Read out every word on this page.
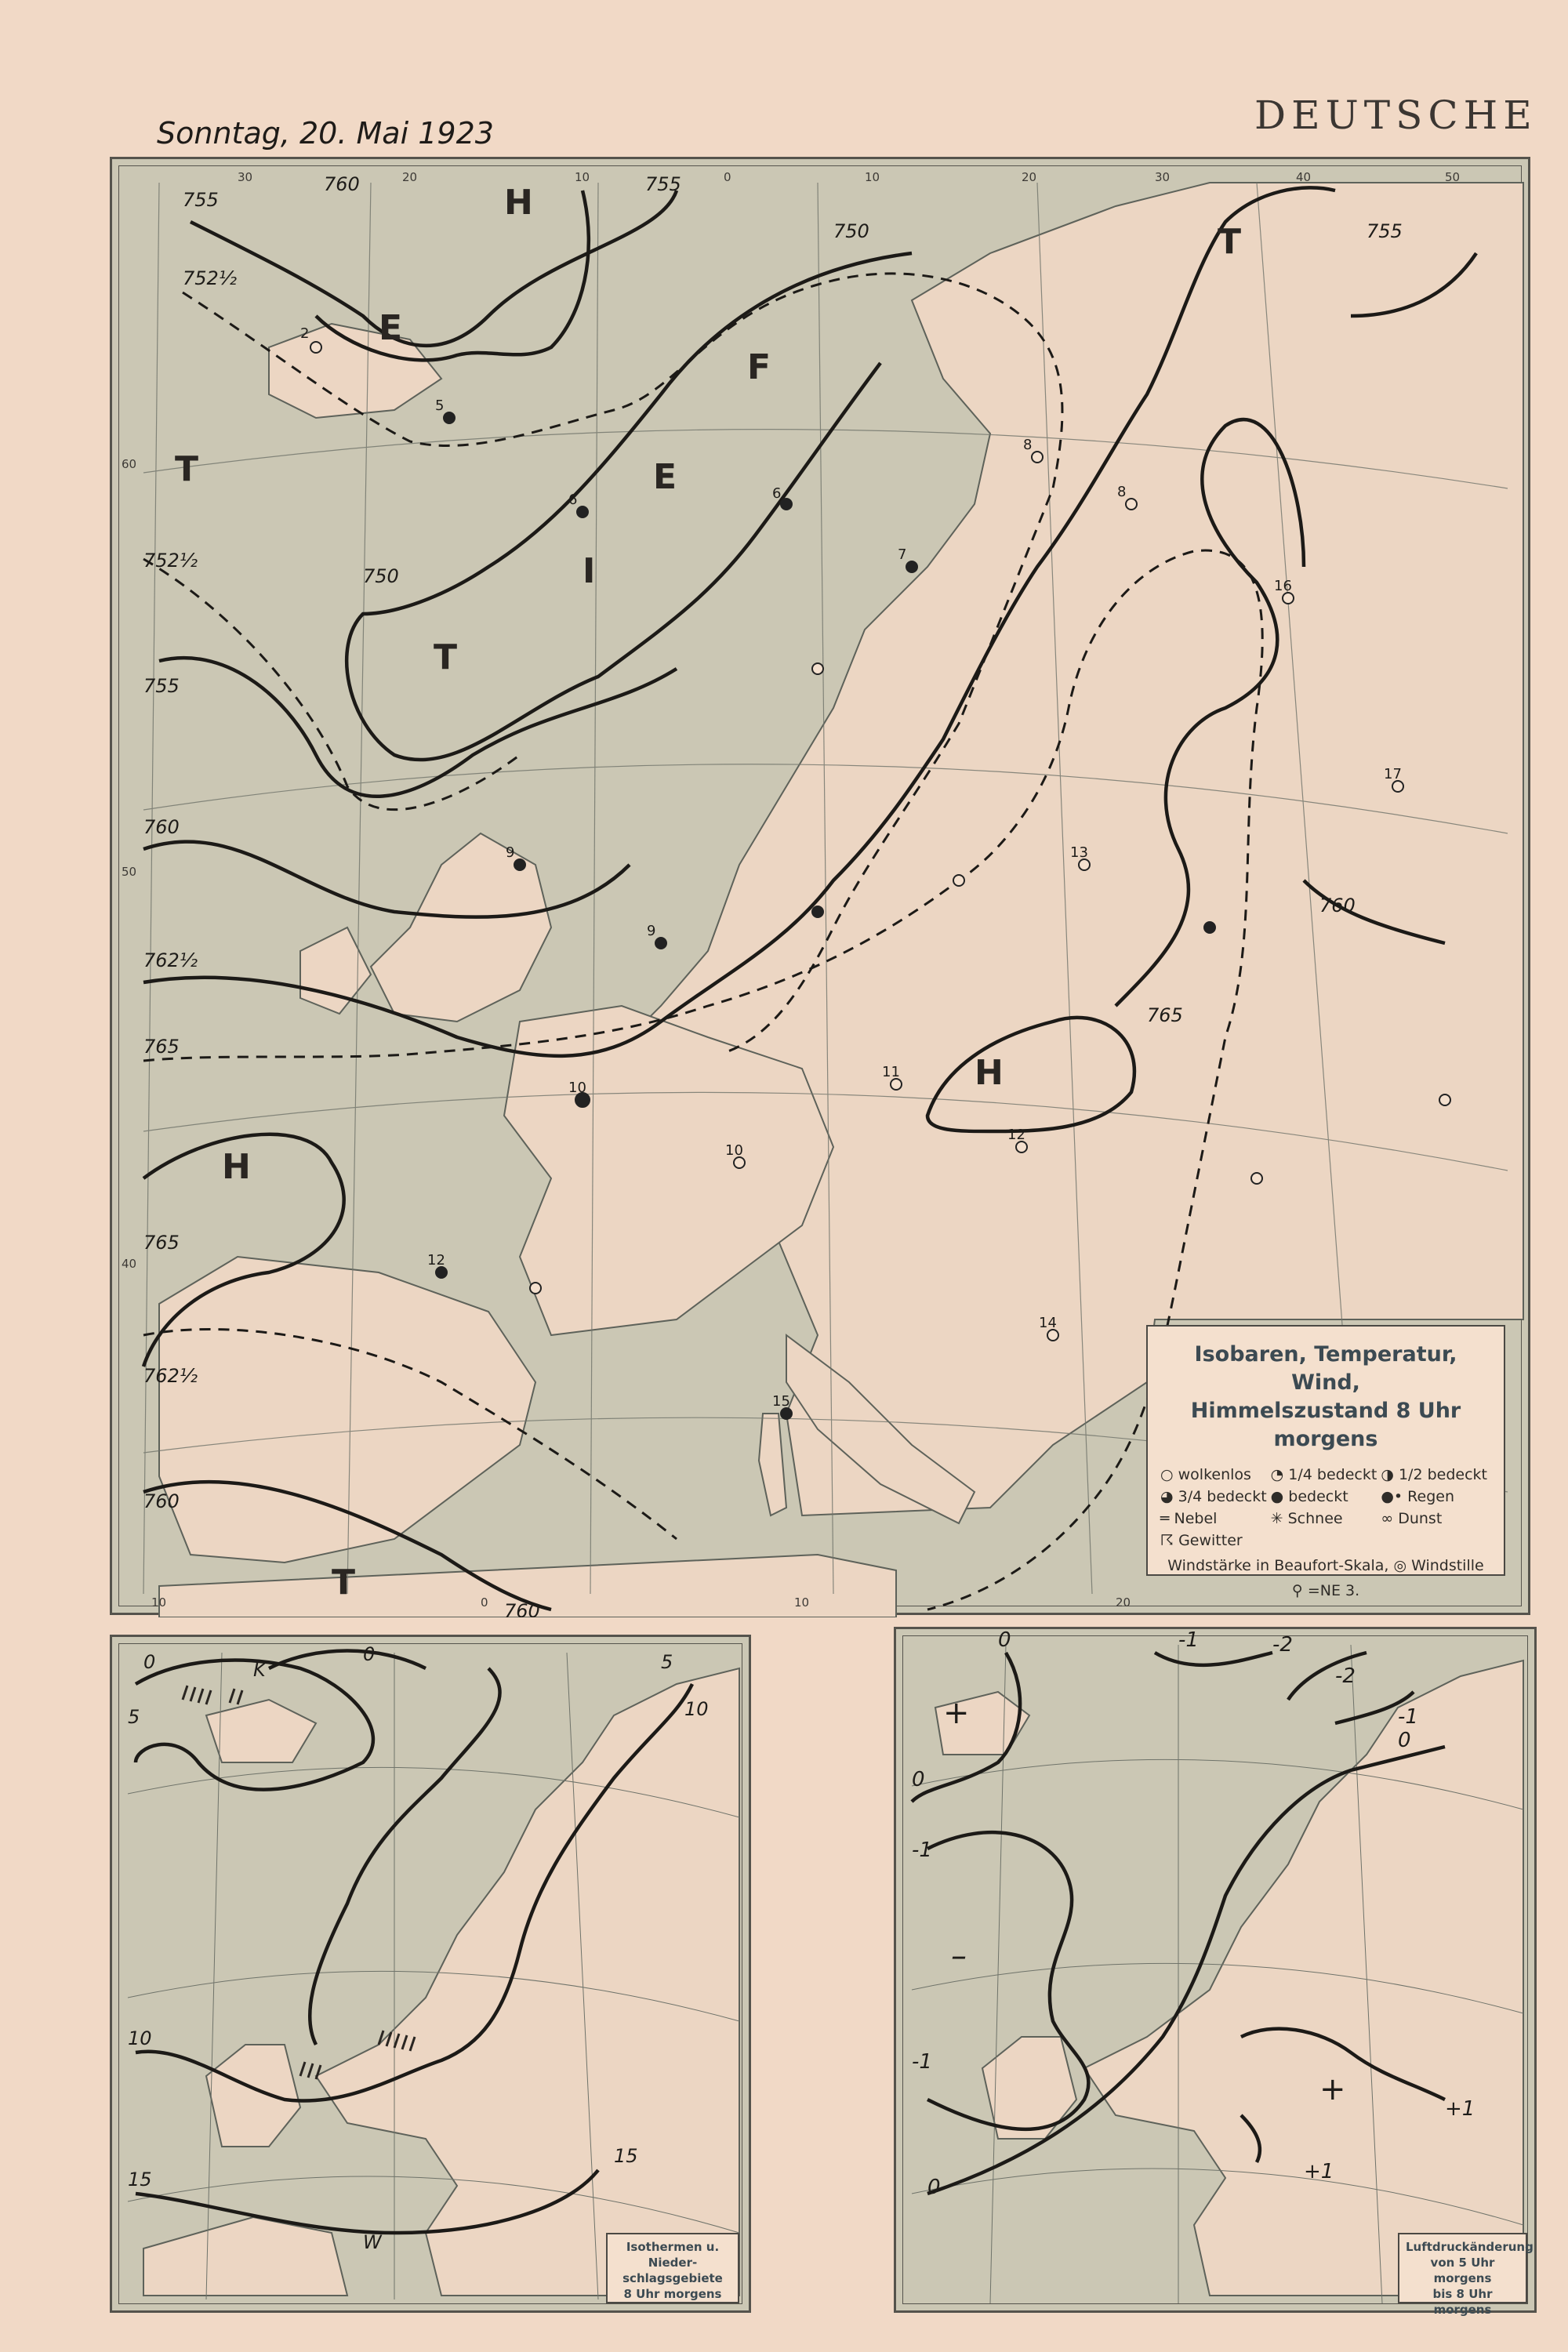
Sonntag, 20. Mai 1923	DEUTSCHE
T
T
T
T
E
H
H
H
E
F
I
755
760	755
752½
750
750
752½
755
760
762½
765
765
762½
760
755
760
765
760
2
5
6	6
7
8
8
9
9
10
10
11
12
12
13
14
15
16
17
30	20	10	0	10	20	30	40	50
60
50
40
10	0	10	20
Isobaren, Temperatur, Wind,
Himmelszustand 8 Uhr morgens
○ wolkenlos	◔ 1/4 bedeckt ◑ 1/2 bedeckt
◕ 3/4 bedeckt ● bedeckt	●• Regen
═ Nebel	✳ Schnee	∞ Dunst
☈ Gewitter
Windstärke in Beaufort-Skala, ◎ Windstille
⚲ =NE 3.
0	K
0
5
5
10
10
15
15
W	Isothermen u. Nieder-
schlagsgebiete
8 Uhr morgens
0	-1	-2
-2
-1
0
0
-1
+
-1
–
0
+
+1
+1
Luftdruckänderung
von 5 Uhr morgens
bis 8 Uhr morgens
